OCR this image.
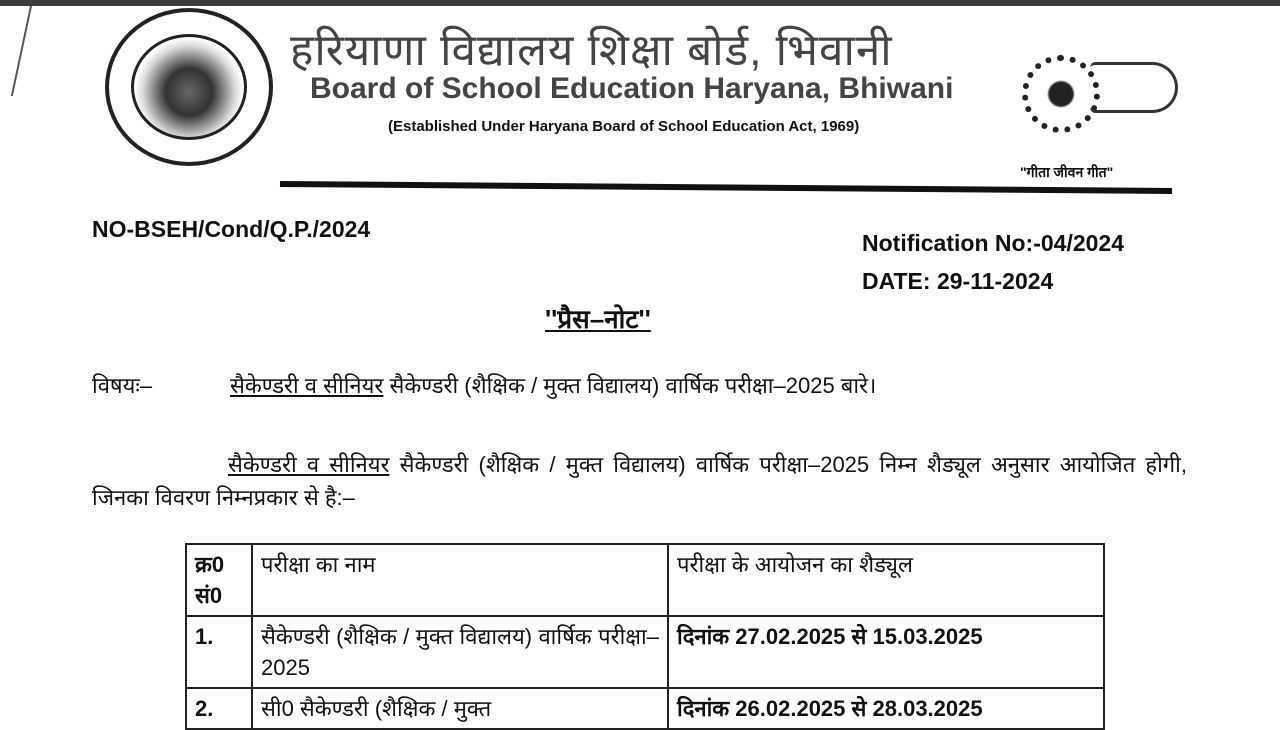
हरियाणा विद्यालय शिक्षा बोर्ड, भिवानी
Board of School Education Haryana, Bhiwani
(Established Under Haryana Board of School Education Act, 1969)
"गीता जीवन गीत"
NO-BSEH/Cond/Q.P./2024
Notification No:-04/2024
DATE: 29-11-2024
''प्रैस–नोट''
विषयः–	सैकेण्डरी व सीनियर सैकेण्डरी (शैक्षिक / मुक्त विद्यालय) वार्षिक परीक्षा–2025 बारे।
सैकेण्डरी व सीनियर सैकेण्डरी (शैक्षिक / मुक्त विद्यालय) वार्षिक परीक्षा–2025 निम्न शैड्यूल अनुसार आयोजित होगी, जिनका विवरण निम्नप्रकार से है:–
क्र0 सं0	परीक्षा का नाम	परीक्षा के आयोजन का शैड्यूल
1.	सैकेण्डरी (शैक्षिक / मुक्त विद्यालय) वार्षिक परीक्षा–2025	दिनांक 27.02.2025 से 15.03.2025
2.	सी0 सैकेण्डरी (शैक्षिक / मुक्त	दिनांक 26.02.2025 से 28.03.2025
